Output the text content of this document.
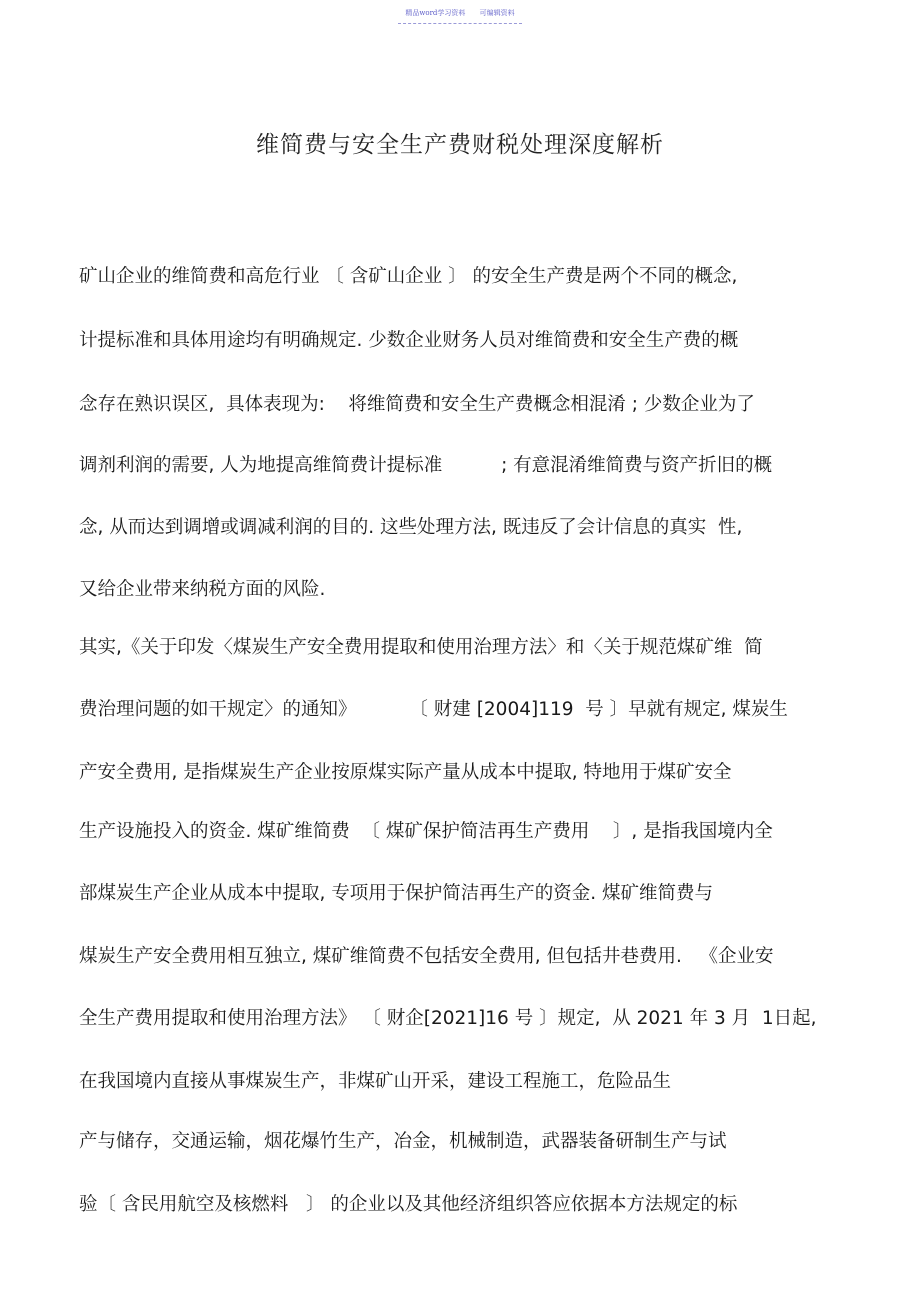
精品word学习资料 可编辑资料
维简费与安全生产费财税处理深度解析
矿山企业的维简费和高危行业 〔 含矿山企业 〕 的安全生产费是两个不同的概念,
计提标准和具体用途均有明确规定. 少数企业财务人员对维简费和安全生产费的概
念存在熟识误区,  具体表现为:    将维简费和安全生产费概念相混淆 ; 少数企业为了
调剂利润的需要, 人为地提高维简费计提标准          ; 有意混淆维简费与资产折旧的概
念, 从而达到调增或调减利润的目的. 这些处理方法, 既违反了会计信息的真实  性,
又给企业带来纳税方面的风险.
其实,《关于印发〈煤炭生产安全费用提取和使用治理方法〉和〈关于规范煤矿维  简
费治理问题的如干规定〉的通知》         〔 财建 [2004]119  号 〕早就有规定, 煤炭生
产安全费用, 是指煤炭生产企业按原煤实际产量从成本中提取, 特地用于煤矿安全
生产设施投入的资金. 煤矿维简费  〔 煤矿保护简洁再生产费用    〕, 是指我国境内全
部煤炭生产企业从成本中提取, 专项用于保护简洁再生产的资金. 煤矿维简费与
煤炭生产安全费用相互独立, 煤矿维简费不包括安全费用, 但包括井巷费用.   《企业安
全生产费用提取和使用治理方法》 〔 财企[2021]16 号 〕规定,  从 2021 年 3 月  1日起,
在我国境内直接从事煤炭生产，非煤矿山开采，建设工程施工，危险品生
产与储存，交通运输，烟花爆竹生产，冶金，机械制造，武器装备研制生产与试
验〔 含民用航空及核燃料   〕 的企业以及其他经济组织答应依据本方法规定的标
